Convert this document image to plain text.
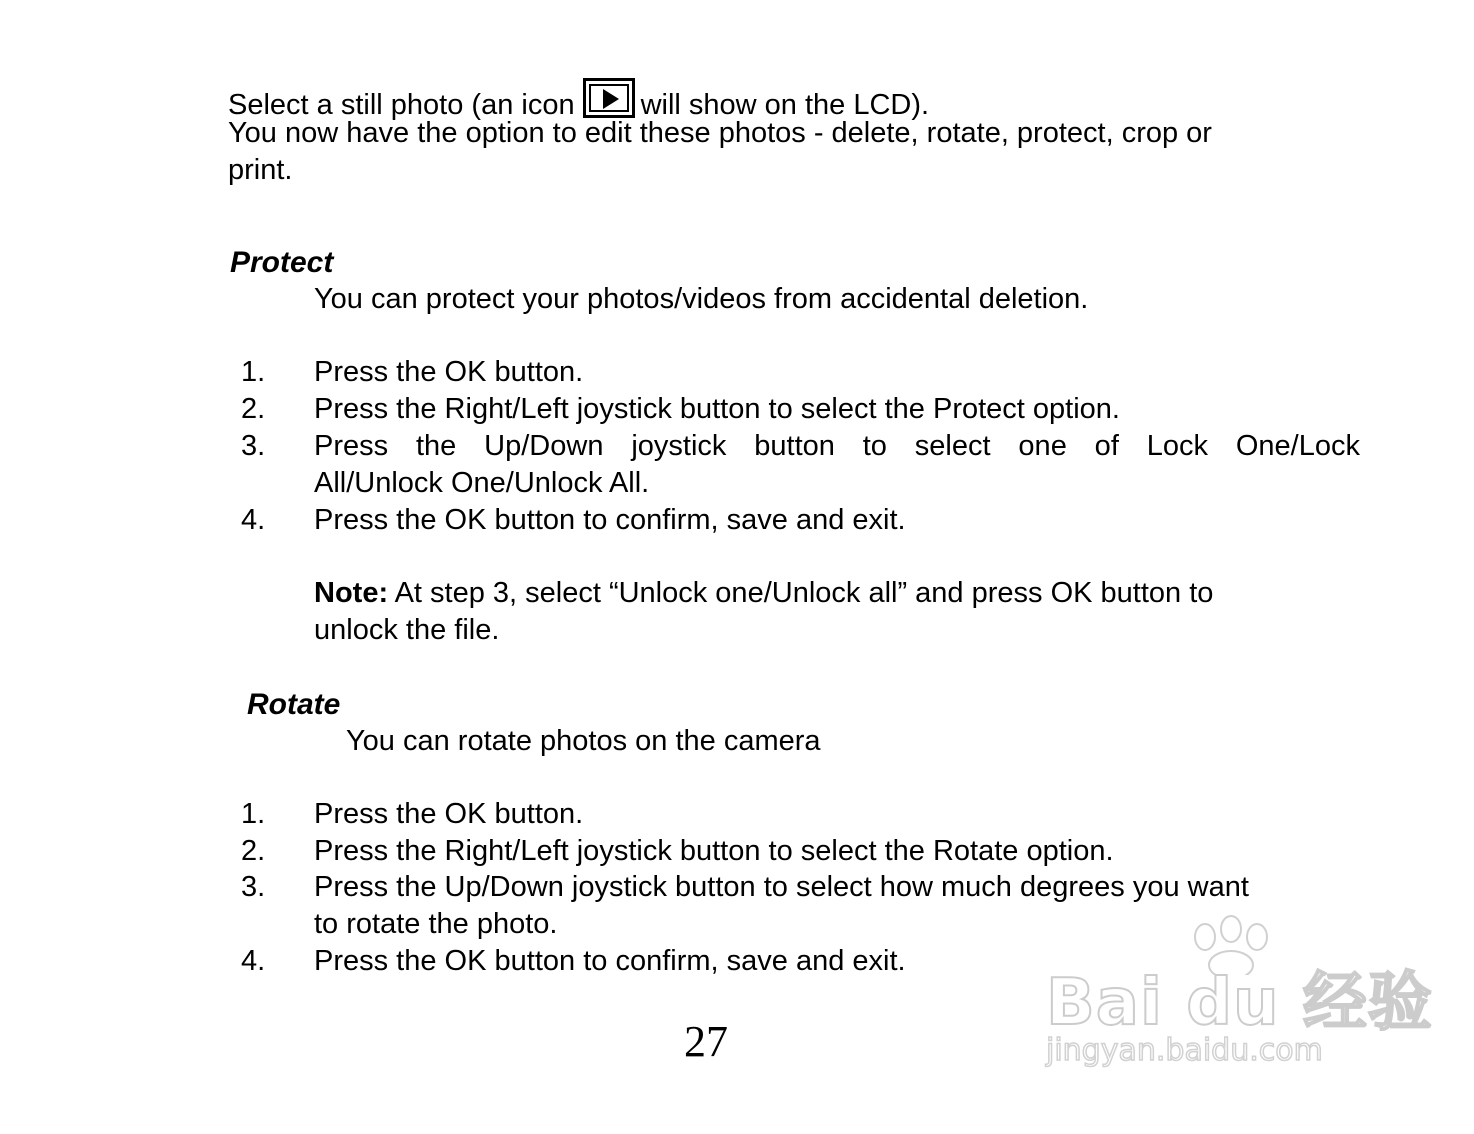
Select a still photo (an icon will show on the LCD).
You now have the option to edit these photos - delete, rotate, protect, crop or
print.
Protect
You can protect your photos/videos from accidental deletion.
1. Press the OK button.
2. Press the Right/Left joystick button to select the Protect option.
3. Press the Up/Down joystick button to select one of Lock One/Lock
All/Unlock One/Unlock All.
4. Press the OK button to confirm, save and exit.
Note: At step 3, select “Unlock one/Unlock all” and press OK button to
unlock the file.
Rotate
You can rotate photos on the camera
1. Press the OK button.
2. Press the Right/Left joystick button to select the Rotate option.
3. Press the Up/Down joystick button to select how much degrees you want
to rotate the photo.
4. Press the OK button to confirm, save and exit.
27
Bai du 经验
jingyan.baidu.com
